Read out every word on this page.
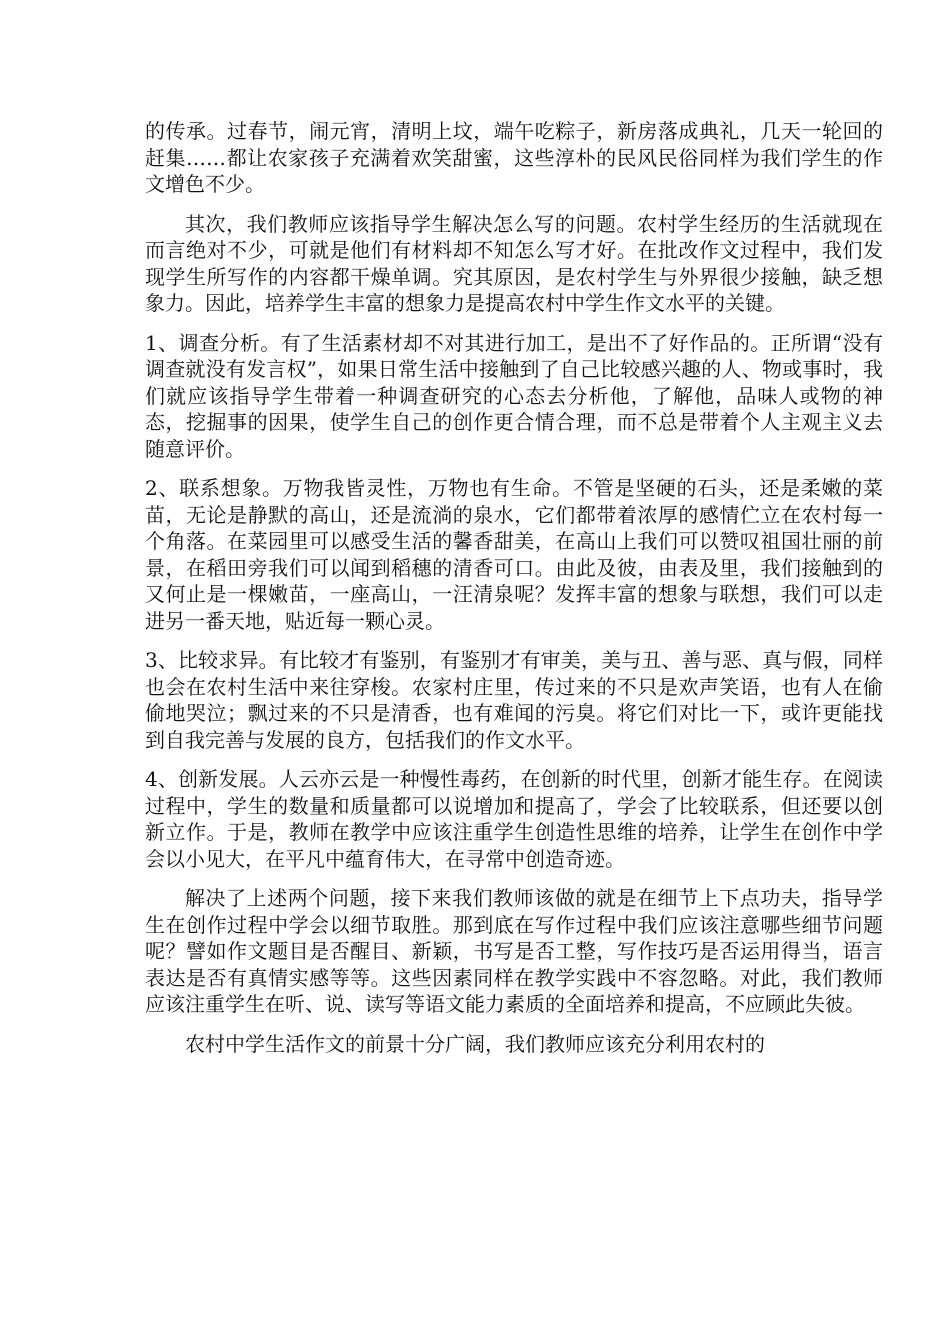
的传承。过春节，闹元宵，清明上坟，端午吃粽子，新房落成典礼，几天一轮回的赶集……都让农家孩子充满着欢笑甜蜜，这些淳朴的民风民俗同样为我们学生的作文增色不少。

其次，我们教师应该指导学生解决怎么写的问题。农村学生经历的生活就现在而言绝对不少，可就是他们有材料却不知怎么写才好。在批改作文过程中，我们发现学生所写作的内容都干燥单调。究其原因，是农村学生与外界很少接触，缺乏想象力。因此，培养学生丰富的想象力是提高农村中学生作文水平的关键。

1、调查分析。有了生活素材却不对其进行加工，是出不了好作品的。正所谓“没有调查就没有发言权”，如果日常生活中接触到了自己比较感兴趣的人、物或事时，我们就应该指导学生带着一种调查研究的心态去分析他，了解他，品味人或物的神态，挖掘事的因果，使学生自己的创作更合情合理，而不总是带着个人主观主义去随意评价。

2、联系想象。万物我皆灵性，万物也有生命。不管是坚硬的石头，还是柔嫩的菜苗，无论是静默的高山，还是流淌的泉水，它们都带着浓厚的感情伫立在农村每一个角落。在菜园里可以感受生活的馨香甜美，在高山上我们可以赞叹祖国壮丽的前景，在稻田旁我们可以闻到稻穗的清香可口。由此及彼，由表及里，我们接触到的又何止是一棵嫩苗，一座高山，一汪清泉呢？发挥丰富的想象与联想，我们可以走进另一番天地，贴近每一颗心灵。

3、比较求异。有比较才有鉴别，有鉴别才有审美，美与丑、善与恶、真与假，同样也会在农村生活中来往穿梭。农家村庄里，传过来的不只是欢声笑语，也有人在偷偷地哭泣；飘过来的不只是清香，也有难闻的污臭。将它们对比一下，或许更能找到自我完善与发展的良方，包括我们的作文水平。

4、创新发展。人云亦云是一种慢性毒药，在创新的时代里，创新才能生存。在阅读过程中，学生的数量和质量都可以说增加和提高了，学会了比较联系，但还要以创新立作。于是，教师在教学中应该注重学生创造性思维的培养，让学生在创作中学会以小见大，在平凡中蕴育伟大，在寻常中创造奇迹。

解决了上述两个问题，接下来我们教师该做的就是在细节上下点功夫，指导学生在创作过程中学会以细节取胜。那到底在写作过程中我们应该注意哪些细节问题呢？譬如作文题目是否醒目、新颖，书写是否工整，写作技巧是否运用得当，语言表达是否有真情实感等等。这些因素同样在教学实践中不容忽略。对此，我们教师应该注重学生在听、说、读写等语文能力素质的全面培养和提高，不应顾此失彼。

农村中学生活作文的前景十分广阔，我们教师应该充分利用农村的
